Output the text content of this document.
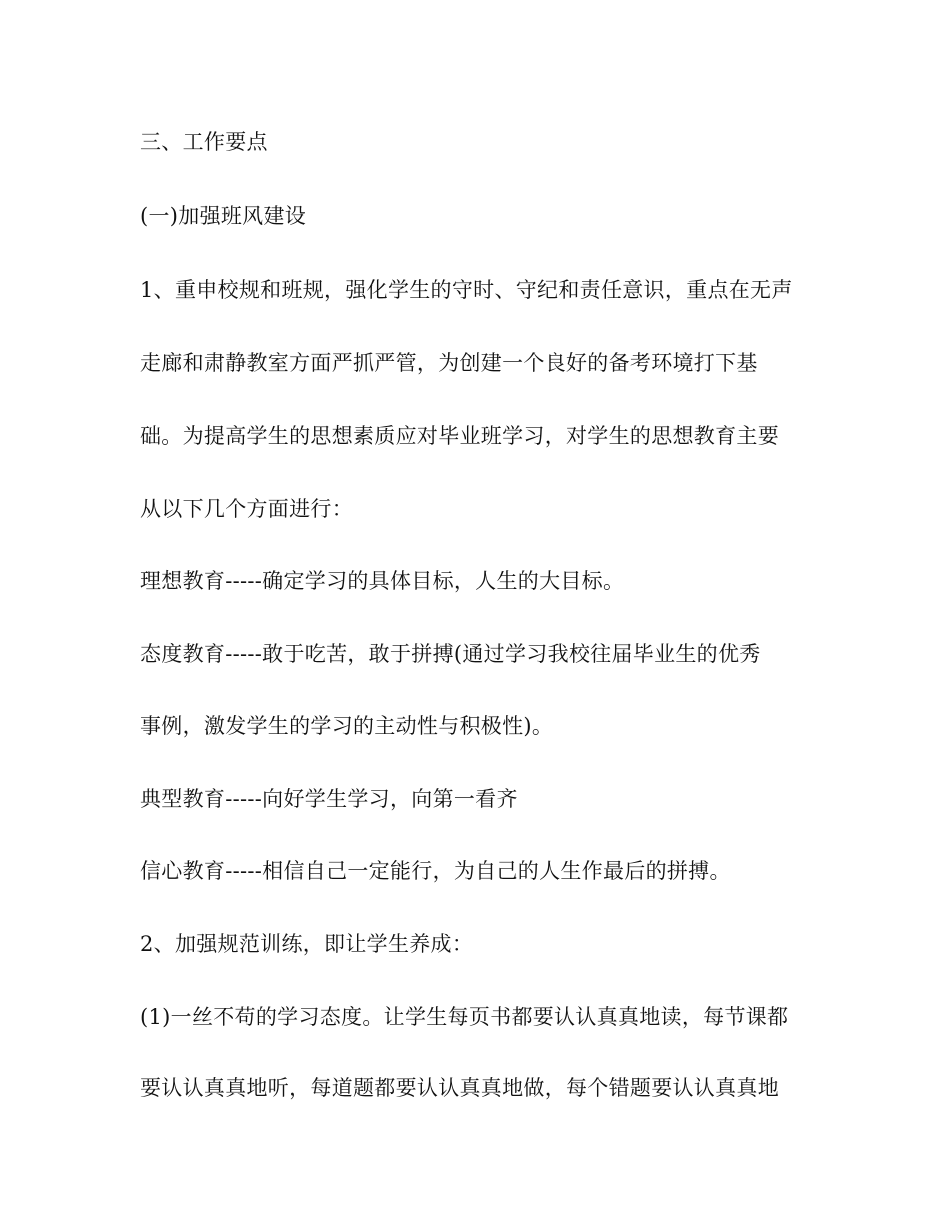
三、工作要点
(一)加强班风建设
1、重申校规和班规，强化学生的守时、守纪和责任意识，重点在无声
走廊和肃静教室方面严抓严管，为创建一个良好的备考环境打下基
础。为提高学生的思想素质应对毕业班学习，对学生的思想教育主要
从以下几个方面进行：
理想教育-----确定学习的具体目标，人生的大目标。
态度教育-----敢于吃苦，敢于拼搏(通过学习我校往届毕业生的优秀
事例，激发学生的学习的主动性与积极性)。
典型教育-----向好学生学习，向第一看齐
信心教育-----相信自己一定能行，为自己的人生作最后的拼搏。
2、加强规范训练，即让学生养成：
(1)一丝不苟的学习态度。让学生每页书都要认认真真地读，每节课都
要认认真真地听，每道题都要认认真真地做，每个错题要认认真真地
